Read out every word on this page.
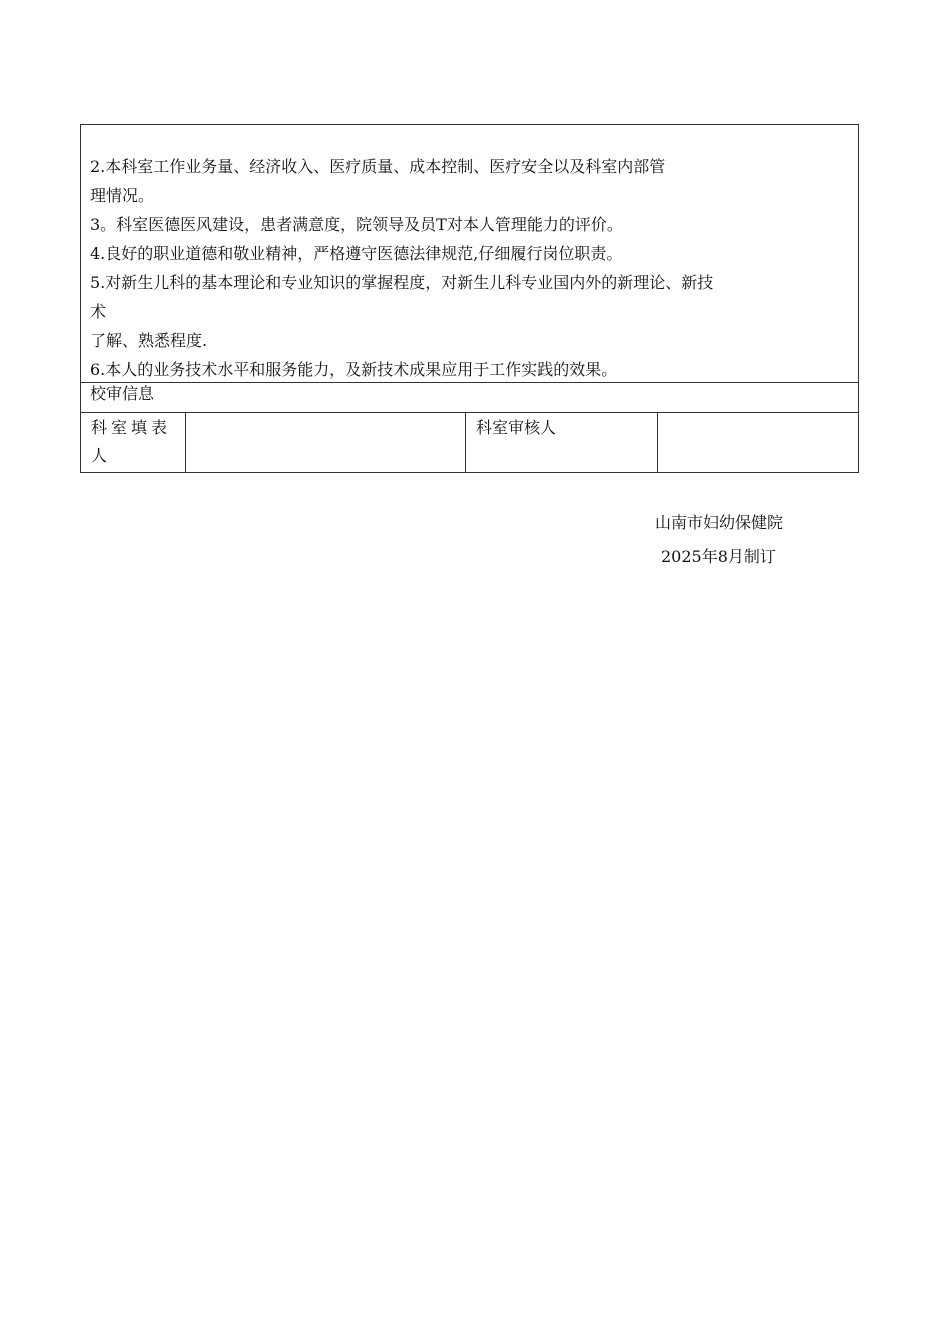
2.本科室工作业务量、经济收入、医疗质量、成本控制、医疗安全以及科室内部管

理情况。

3。科室医德医风建设，患者满意度，院领导及员T对本人管理能力的评价。

4.良好的职业道德和敬业精神，严格遵守医德法律规范,仔细履行岗位职责。

5.对新生儿科的基本理论和专业知识的掌握程度，对新生儿科专业国内外的新理论、新技

术

了解、熟悉程度.

6.本人的业务技术水平和服务能力，及新技术成果应用于工作实践的效果。

校审信息
科室填表
人
科室审核人
山南市妇幼保健院
2025年8月制订
